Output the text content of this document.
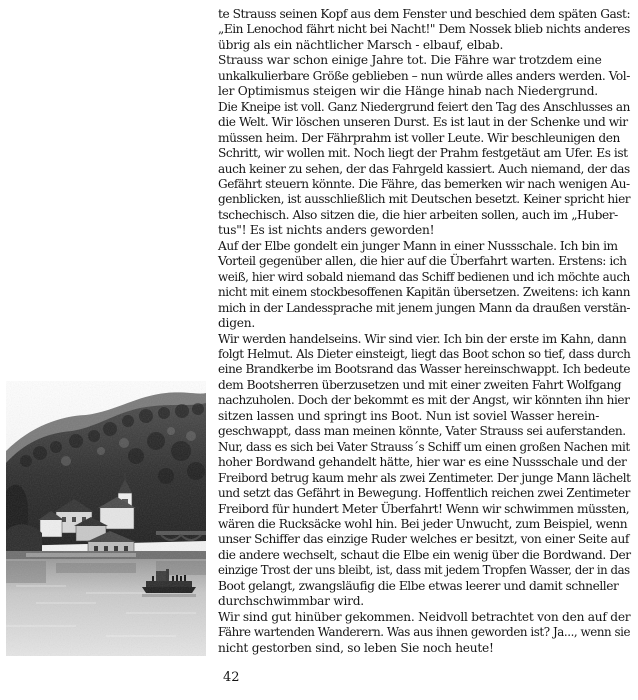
te Strauss seinen Kopf aus dem Fenster und beschied dem späten Gast:
„Ein Lenochod fährt nicht bei Nacht!" Dem Nossek blieb nichts anderes
übrig als ein nächtlicher Marsch - elbauf, elbab.
Strauss war schon einige Jahre tot. Die Fähre war trotzdem eine
unkalkulierbare Größe geblieben – nun würde alles anders werden. Vol-
ler Optimismus steigen wir die Hänge hinab nach Niedergrund.
Die Kneipe ist voll. Ganz Niedergrund feiert den Tag des Anschlusses an
die Welt. Wir löschen unseren Durst. Es ist laut in der Schenke und wir
müssen heim. Der Fährprahm ist voller Leute. Wir beschleunigen den
Schritt, wir wollen mit. Noch liegt der Prahm festgetäut am Ufer. Es ist
auch keiner zu sehen, der das Fahrgeld kassiert. Auch niemand, der das
Gefährt steuern könnte. Die Fähre, das bemerken wir nach wenigen Au-
genblicken, ist ausschließlich mit Deutschen besetzt. Keiner spricht hier
tschechisch. Also sitzen die, die hier arbeiten sollen, auch im „Huber-
tus"! Es ist nichts anders geworden!
Auf der Elbe gondelt ein junger Mann in einer Nussschale. Ich bin im
Vorteil gegenüber allen, die hier auf die Überfahrt warten. Erstens: ich
weiß, hier wird sobald niemand das Schiff bedienen und ich möchte auch
nicht mit einem stockbesoffenen Kapitän übersetzen. Zweitens: ich kann
mich in der Landessprache mit jenem jungen Mann da draußen verstän-
digen.
Wir werden handelseins. Wir sind vier. Ich bin der erste im Kahn, dann
folgt Helmut. Als Dieter einsteigt, liegt das Boot schon so tief, dass durch
eine Brandkerbe im Bootsrand das Wasser hereinschwappt. Ich bedeute
dem Bootsherren überzusetzen und mit einer zweiten Fahrt Wolfgang
nachzuholen. Doch der bekommt es mit der Angst, wir könnten ihn hier
sitzen lassen und springt ins Boot. Nun ist soviel Wasser herein-
geschwappt, dass man meinen könnte, Vater Strauss sei auferstanden.
Nur, dass es sich bei Vater Strauss´s Schiff um einen großen Nachen mit
hoher Bordwand gehandelt hätte, hier war es eine Nussschale und der
Freibord betrug kaum mehr als zwei Zentimeter. Der junge Mann lächelt
und setzt das Gefährt in Bewegung. Hoffentlich reichen zwei Zentimeter
Freibord für hundert Meter Überfahrt! Wenn wir schwimmen müssten,
wären die Rucksäcke wohl hin. Bei jeder Unwucht, zum Beispiel, wenn
unser Schiffer das einzige Ruder welches er besitzt, von einer Seite auf
die andere wechselt, schaut die Elbe ein wenig über die Bordwand. Der
einzige Trost der uns bleibt, ist, dass mit jedem Tropfen Wasser, der in das
Boot gelangt, zwangsläufig die Elbe etwas leerer und damit schneller
durchschwimmbar wird.
Wir sind gut hinüber gekommen. Neidvoll betrachtet von den auf der
Fähre wartenden Wanderern. Was aus ihnen geworden ist? Ja..., wenn sie
nicht gestorben sind, so leben Sie noch heute!
42
